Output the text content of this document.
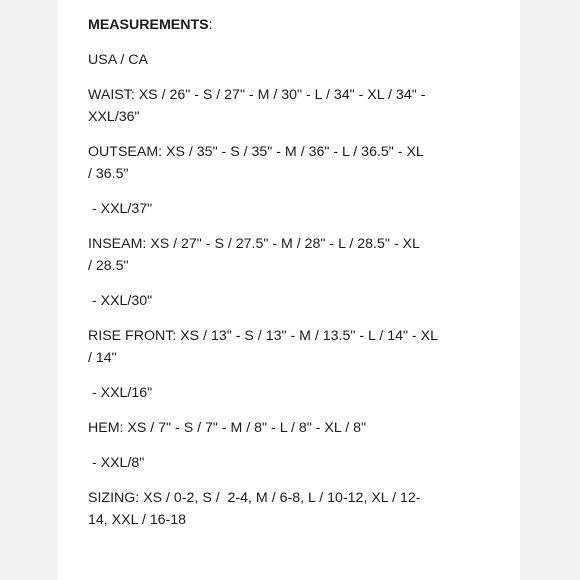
MEASUREMENTS:

USA / CA

WAIST: XS / 26" - S / 27" - M / 30" - L / 34" - XL / 34" -

XXL/36"

OUTSEAM: XS / 35" - S / 35" - M / 36" - L / 36.5" - XL

/ 36.5"

- XXL/37"

INSEAM: XS / 27" - S / 27.5" - M / 28" - L / 28.5" - XL

/ 28.5"

- XXL/30"

RISE FRONT: XS / 13" - S / 13" - M / 13.5" - L / 14" - XL

/ 14"

- XXL/16"

HEM: XS / 7" - S / 7" - M / 8" - L / 8" - XL / 8"

- XXL/8"

SIZING: XS / 0-2, S /  2-4, M / 6-8, L / 10-12, XL / 12-

14, XXL / 16-18
